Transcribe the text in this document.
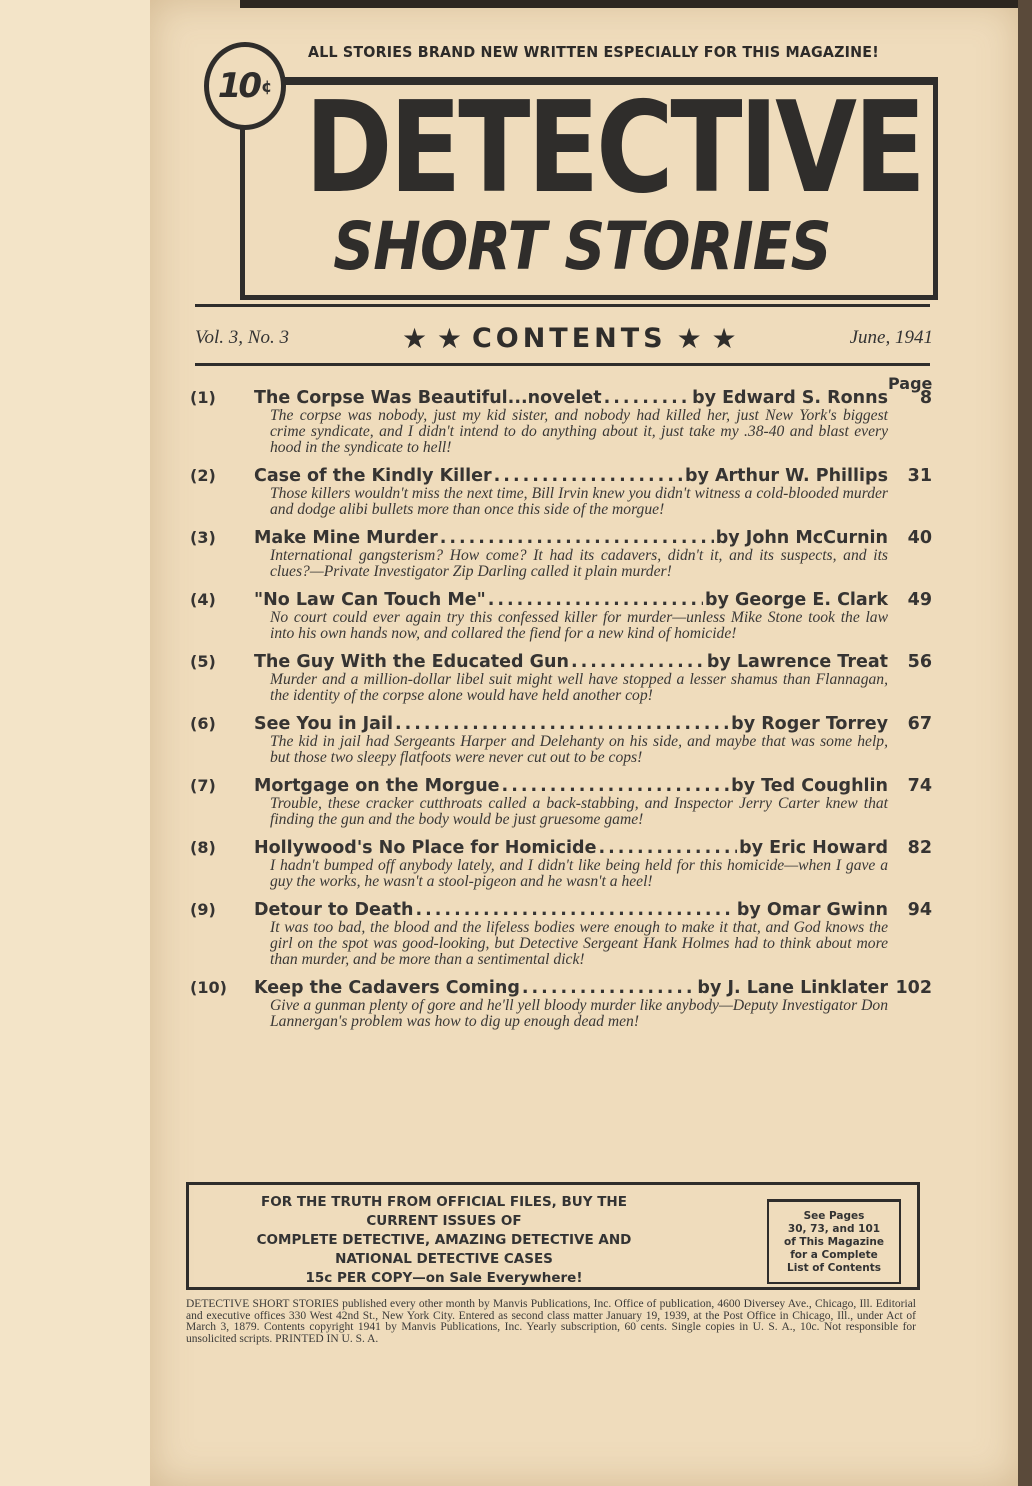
10 ¢
ALL STORIES BRAND NEW WRITTEN ESPECIALLY FOR THIS MAGAZINE!
DETECTIVE
SHORT STORIES
Vol. 3, No. 3	★ ★ CONTENTS ★ ★	June, 1941
Page
(1)	The Corpse Was Beautiful...novelet .....	by Edward S. Ronns	8
The corpse was nobody, just my kid sister, and nobody had killed her, just New York's biggest crime syndicate, and I didn't intend to do anything about it, just take my .38-40 and blast every hood in the syndicate to hell!
(2)	Case of the Kindly Killer .....	by Arthur W. Phillips	31
Those killers wouldn't miss the next time, Bill Irvin knew you didn't witness a cold-blooded murder and dodge alibi bullets more than once this side of the morgue!
(3)	Make Mine Murder .....	by John McCurnin	40
International gangsterism? How come? It had its cadavers, didn't it, and its suspects, and its clues?—Private Investigator Zip Darling called it plain murder!
(4)	"No Law Can Touch Me" .....	by George E. Clark	49
No court could ever again try this confessed killer for murder—unless Mike Stone took the law into his own hands now, and collared the fiend for a new kind of homicide!
(5)	The Guy With the Educated Gun .....	by Lawrence Treat	56
Murder and a million-dollar libel suit might well have stopped a lesser shamus than Flannagan, the identity of the corpse alone would have held another cop!
(6)	See You in Jail .....	by Roger Torrey	67
The kid in jail had Sergeants Harper and Delehanty on his side, and maybe that was some help, but those two sleepy flatfoots were never cut out to be cops!
(7)	Mortgage on the Morgue .....	by Ted Coughlin	74
Trouble, these cracker cutthroats called a back-stabbing, and Inspector Jerry Carter knew that finding the gun and the body would be just gruesome game!
(8)	Hollywood's No Place for Homicide .....	by Eric Howard	82
I hadn't bumped off anybody lately, and I didn't like being held for this homicide—when I gave a guy the works, he wasn't a stool-pigeon and he wasn't a heel!
(9)	Detour to Death .....	by Omar Gwinn	94
It was too bad, the blood and the lifeless bodies were enough to make it that, and God knows the girl on the spot was good-looking, but Detective Sergeant Hank Holmes had to think about more than murder, and be more than a sentimental dick!
(10)	Keep the Cadavers Coming .....	by J. Lane Linklater 102
Give a gunman plenty of gore and he'll yell bloody murder like anybody—Deputy Investigator Don Lannergan's problem was how to dig up enough dead men!
FOR THE TRUTH FROM OFFICIAL FILES, BUY THE
CURRENT ISSUES OF
COMPLETE DETECTIVE, AMAZING DETECTIVE AND
NATIONAL DETECTIVE CASES
15c PER COPY—on Sale Everywhere!
See Pages
30, 73, and 101
of This Magazine
for a Complete
List of Contents
DETECTIVE SHORT STORIES published every other month by Manvis Publications, Inc. Office of publication, 4600 Diversey Ave., Chicago, Ill. Editorial and executive offices 330 West 42nd St., New York City. Entered as second class matter January 19, 1939, at the Post Office in Chicago, Ill., under Act of March 3, 1879. Contents copyright 1941 by Manvis Publications, Inc. Yearly subscription, 60 cents. Single copies in U. S. A., 10c. Not responsible for unsolicited scripts. PRINTED IN U. S. A.
